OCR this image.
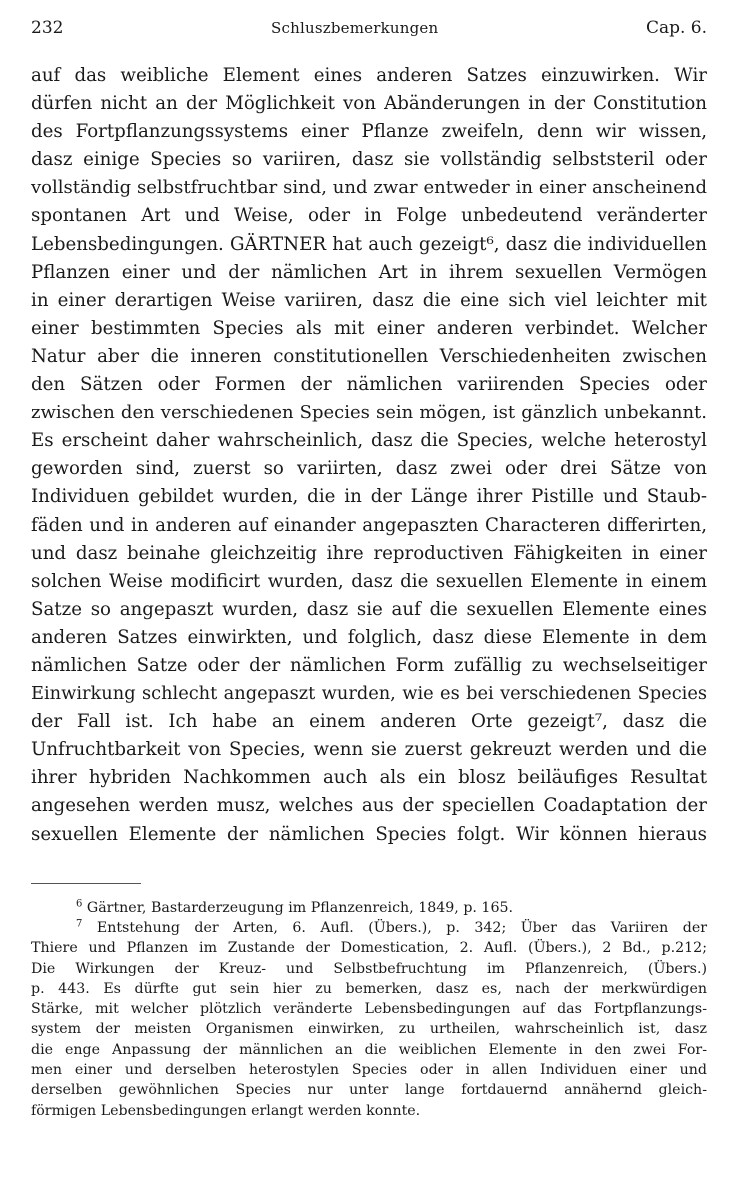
232	Schluszbemerkungen	Cap. 6.
auf das weibliche Element eines anderen Satzes einzuwirken. Wir
dürfen nicht an der Möglichkeit von Abänderungen in der Constitution
des Fortpflanzungssystems einer Pflanze zweifeln, denn wir wissen,
dasz einige Species so variiren, dasz sie vollständig selbststeril oder
vollständig selbstfruchtbar sind, und zwar entweder in einer anscheinend
spontanen Art und Weise, oder in Folge unbedeutend veränderter
Lebensbedingungen. GÄRTNER hat auch gezeigt⁶, dasz die individuellen
Pflanzen einer und der nämlichen Art in ihrem sexuellen Vermögen
in einer derartigen Weise variiren, dasz die eine sich viel leichter mit
einer bestimmten Species als mit einer anderen verbindet. Welcher
Natur aber die inneren constitutionellen Verschiedenheiten zwischen
den Sätzen oder Formen der nämlichen variirenden Species oder
zwischen den verschiedenen Species sein mögen, ist gänzlich unbekannt.
Es erscheint daher wahrscheinlich, dasz die Species, welche heterostyl
geworden sind, zuerst so variirten, dasz zwei oder drei Sätze von
Individuen gebildet wurden, die in der Länge ihrer Pistille und Staub-
fäden und in anderen auf einander angepaszten Characteren differirten,
und dasz beinahe gleichzeitig ihre reproductiven Fähigkeiten in einer
solchen Weise modificirt wurden, dasz die sexuellen Elemente in einem
Satze so angepaszt wurden, dasz sie auf die sexuellen Elemente eines
anderen Satzes einwirkten, und folglich, dasz diese Elemente in dem
nämlichen Satze oder der nämlichen Form zufällig zu wechselseitiger
Einwirkung schlecht angepaszt wurden, wie es bei verschiedenen Species
der Fall ist. Ich habe an einem anderen Orte gezeigt⁷, dasz die
Unfruchtbarkeit von Species, wenn sie zuerst gekreuzt werden und die
ihrer hybriden Nachkommen auch als ein blosz beiläufiges Resultat
angesehen werden musz, welches aus der speciellen Coadaptation der
sexuellen Elemente der nämlichen Species folgt. Wir können hieraus
$^6$ Gärtner, Bastarderzeugung im Pflanzenreich, 1849, p. 165.
$^7$ Entstehung der Arten, 6. Aufl. (Übers.), p. 342; Über das Variiren der
Thiere und Pflanzen im Zustande der Domestication, 2. Aufl. (Übers.), 2 Bd., p.212;
Die Wirkungen der Kreuz- und Selbstbefruchtung im Pflanzenreich, (Übers.)
p. 443. Es dürfte gut sein hier zu bemerken, dasz es, nach der merkwürdigen
Stärke, mit welcher plötzlich veränderte Lebensbedingungen auf das Fortpflanzungs-
system der meisten Organismen einwirken, zu urtheilen, wahrscheinlich ist, dasz
die enge Anpassung der männlichen an die weiblichen Elemente in den zwei For-
men einer und derselben heterostylen Species oder in allen Individuen einer und
derselben gewöhnlichen Species nur unter lange fortdauernd annähernd gleich-
förmigen Lebensbedingungen erlangt werden konnte.
